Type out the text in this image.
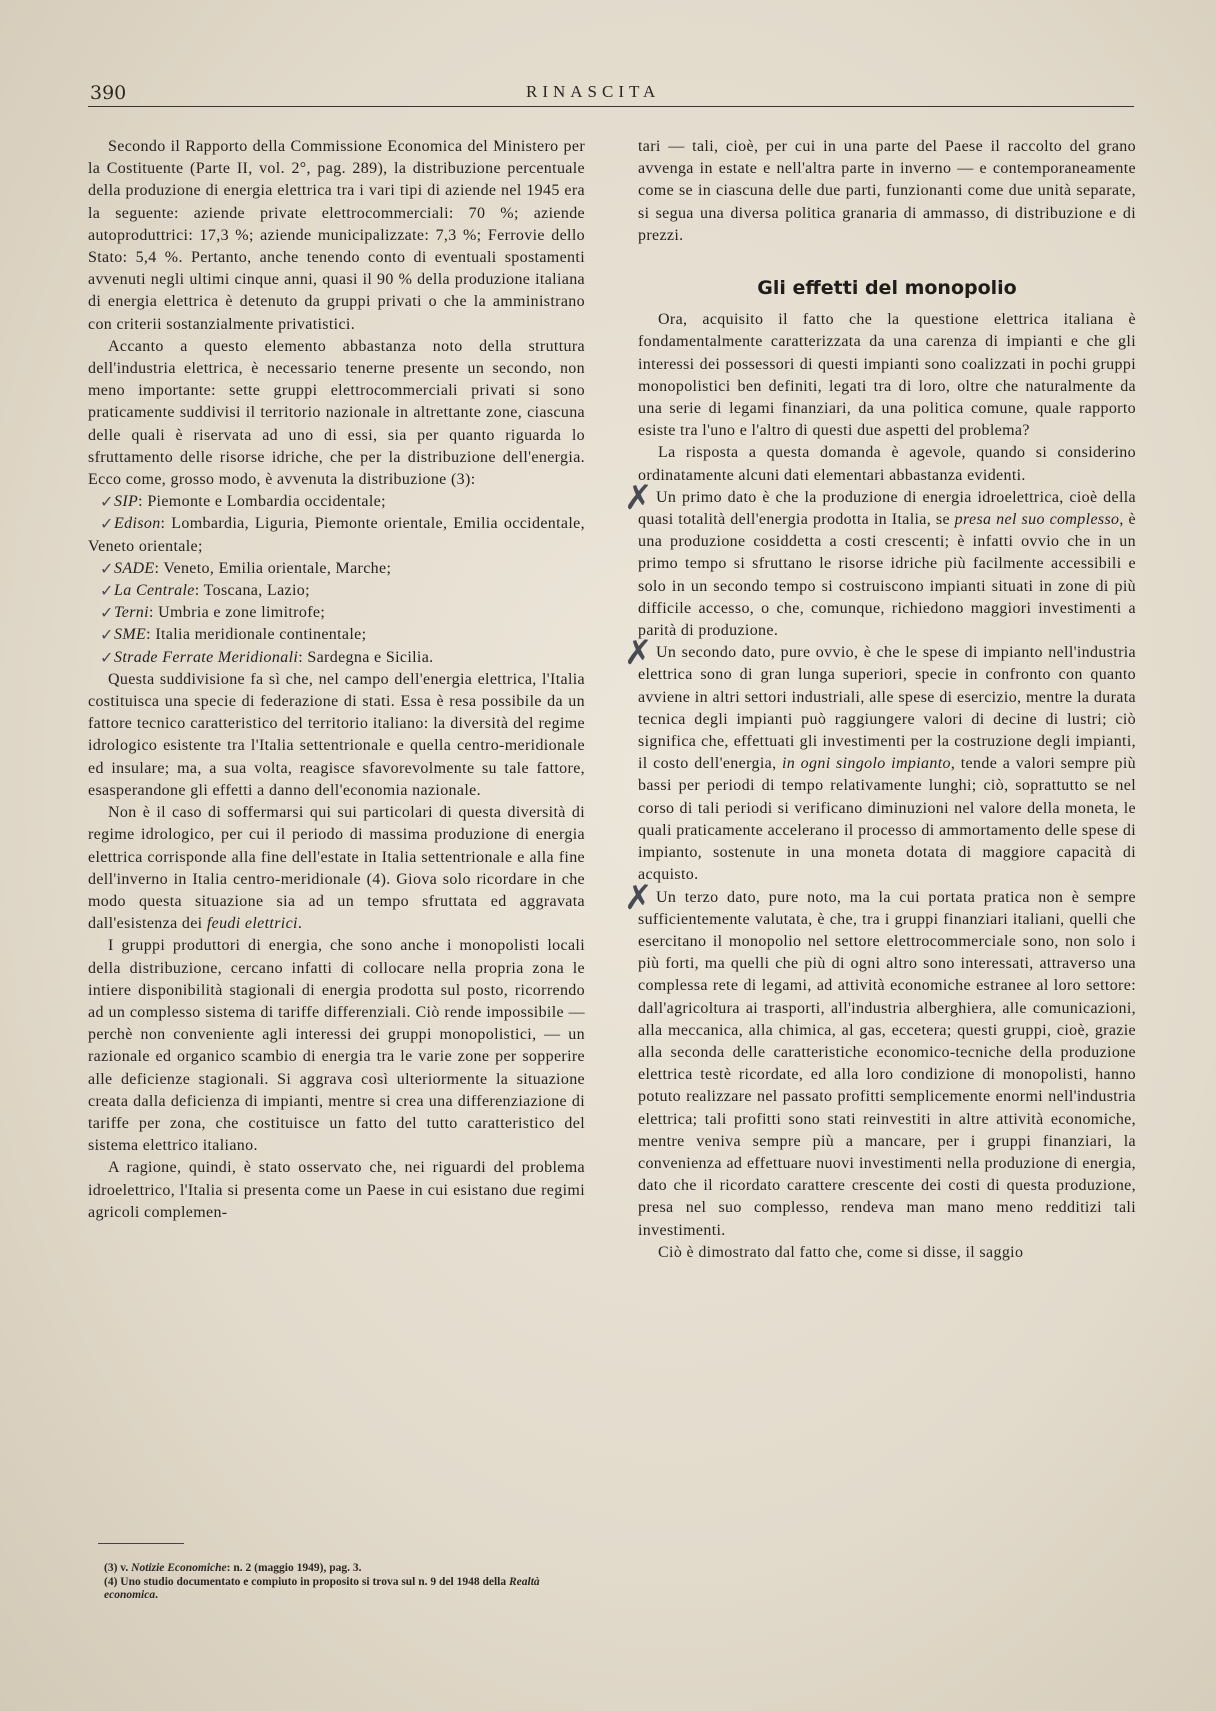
390	RINASCITA

Secondo il Rapporto della Commissione Economica del Ministero per la Costituente (Parte II, vol. 2°, pag. 289), la distribuzione percentuale della produzione di energia elettrica tra i vari tipi di aziende nel 1945 era la seguente: aziende private elettrocommerciali: 70 %; aziende autoproduttrici: 17,3 %; aziende municipalizzate: 7,3 %; Ferrovie dello Stato: 5,4 %. Pertanto, anche tenendo conto di eventuali spostamenti avvenuti negli ultimi cinque anni, quasi il 90 % della produzione italiana di energia elettrica è detenuto da gruppi privati o che la amministrano con criterii sostanzialmente privatistici.

Accanto a questo elemento abbastanza noto della struttura dell'industria elettrica, è necessario tenerne presente un secondo, non meno importante: sette gruppi elettrocommerciali privati si sono praticamente suddivisi il territorio nazionale in altrettante zone, ciascuna delle quali è riservata ad uno di essi, sia per quanto riguarda lo sfruttamento delle risorse idriche, che per la distribuzione dell'energia. Ecco come, grosso modo, è avvenuta la distribuzione (3):

✓ SIP: Piemonte e Lombardia occidentale;

✓ Edison: Lombardia, Liguria, Piemonte orientale, Emilia occidentale, Veneto orientale;

✓ SADE: Veneto, Emilia orientale, Marche;

✓ La Centrale: Toscana, Lazio;

✓ Terni: Umbria e zone limitrofe;

✓ SME: Italia meridionale continentale;

✓ Strade Ferrate Meridionali: Sardegna e Sicilia.

Questa suddivisione fa sì che, nel campo dell'energia elettrica, l'Italia costituisca una specie di federazione di stati. Essa è resa possibile da un fattore tecnico caratteristico del territorio italiano: la diversità del regime idrologico esistente tra l'Italia settentrionale e quella centro-meridionale ed insulare; ma, a sua volta, reagisce sfavorevolmente su tale fattore, esasperandone gli effetti a danno dell'economia nazionale.

Non è il caso di soffermarsi qui sui particolari di questa diversità di regime idrologico, per cui il periodo di massima produzione di energia elettrica corrisponde alla fine dell'estate in Italia settentrionale e alla fine dell'inverno in Italia centro-meridionale (4). Giova solo ricordare in che modo questa situazione sia ad un tempo sfruttata ed aggravata dall'esistenza dei feudi elettrici.

I gruppi produttori di energia, che sono anche i monopolisti locali della distribuzione, cercano infatti di collocare nella propria zona le intiere disponibilità stagionali di energia prodotta sul posto, ricorrendo ad un complesso sistema di tariffe differenziali. Ciò rende impossibile — perchè non conveniente agli interessi dei gruppi monopolistici, — un razionale ed organico scambio di energia tra le varie zone per sopperire alle deficienze stagionali. Si aggrava così ulteriormente la situazione creata dalla deficienza di impianti, mentre si crea una differenziazione di tariffe per zona, che costituisce un fatto del tutto caratteristico del sistema elettrico italiano.

A ragione, quindi, è stato osservato che, nei riguardi del problema idroelettrico, l'Italia si presenta come un Paese in cui esistano due regimi agricoli complemen-

(3) v. Notizie Economiche: n. 2 (maggio 1949), pag. 3.
(4) Uno studio documentato e compiuto in proposito si trova sul n. 9 del 1948 della Realtà economica.

tari — tali, cioè, per cui in una parte del Paese il raccolto del grano avvenga in estate e nell'altra parte in inverno — e contemporaneamente come se in ciascuna delle due parti, funzionanti come due unità separate, si segua una diversa politica granaria di ammasso, di distribuzione e di prezzi.

Gli effetti del monopolio

Ora, acquisito il fatto che la questione elettrica italiana è fondamentalmente caratterizzata da una carenza di impianti e che gli interessi dei possessori di questi impianti sono coalizzati in pochi gruppi monopolistici ben definiti, legati tra di loro, oltre che naturalmente da una serie di legami finanziari, da una politica comune, quale rapporto esiste tra l'uno e l'altro di questi due aspetti del problema?

La risposta a questa domanda è agevole, quando si considerino ordinatamente alcuni dati elementari abbastanza evidenti.

✗ Un primo dato è che la produzione di energia idroelettrica, cioè della quasi totalità dell'energia prodotta in Italia, se presa nel suo complesso, è una produzione cosiddetta a costi crescenti; è infatti ovvio che in un primo tempo si sfruttano le risorse idriche più facilmente accessibili e solo in un secondo tempo si costruiscono impianti situati in zone di più difficile accesso, o che, comunque, richiedono maggiori investimenti a parità di produzione.

✗ Un secondo dato, pure ovvio, è che le spese di impianto nell'industria elettrica sono di gran lunga superiori, specie in confronto con quanto avviene in altri settori industriali, alle spese di esercizio, mentre la durata tecnica degli impianti può raggiungere valori di decine di lustri; ciò significa che, effettuati gli investimenti per la costruzione degli impianti, il costo dell'energia, in ogni singolo impianto, tende a valori sempre più bassi per periodi di tempo relativamente lunghi; ciò, soprattutto se nel corso di tali periodi si verificano diminuzioni nel valore della moneta, le quali praticamente accelerano il processo di ammortamento delle spese di impianto, sostenute in una moneta dotata di maggiore capacità di acquisto.

✗ Un terzo dato, pure noto, ma la cui portata pratica non è sempre sufficientemente valutata, è che, tra i gruppi finanziari italiani, quelli che esercitano il monopolio nel settore elettrocommerciale sono, non solo i più forti, ma quelli che più di ogni altro sono interessati, attraverso una complessa rete di legami, ad attività economiche estranee al loro settore: dall'agricoltura ai trasporti, all'industria alberghiera, alle comunicazioni, alla meccanica, alla chimica, al gas, eccetera; questi gruppi, cioè, grazie alla seconda delle caratteristiche economico-tecniche della produzione elettrica testè ricordate, ed alla loro condizione di monopolisti, hanno potuto realizzare nel passato profitti semplicemente enormi nell'industria elettrica; tali profitti sono stati reinvestiti in altre attività economiche, mentre veniva sempre più a mancare, per i gruppi finanziari, la convenienza ad effettuare nuovi investimenti nella produzione di energia, dato che il ricordato carattere crescente dei costi di questa produzione, presa nel suo complesso, rendeva man mano meno redditizi tali investimenti.

Ciò è dimostrato dal fatto che, come si disse, il saggio
